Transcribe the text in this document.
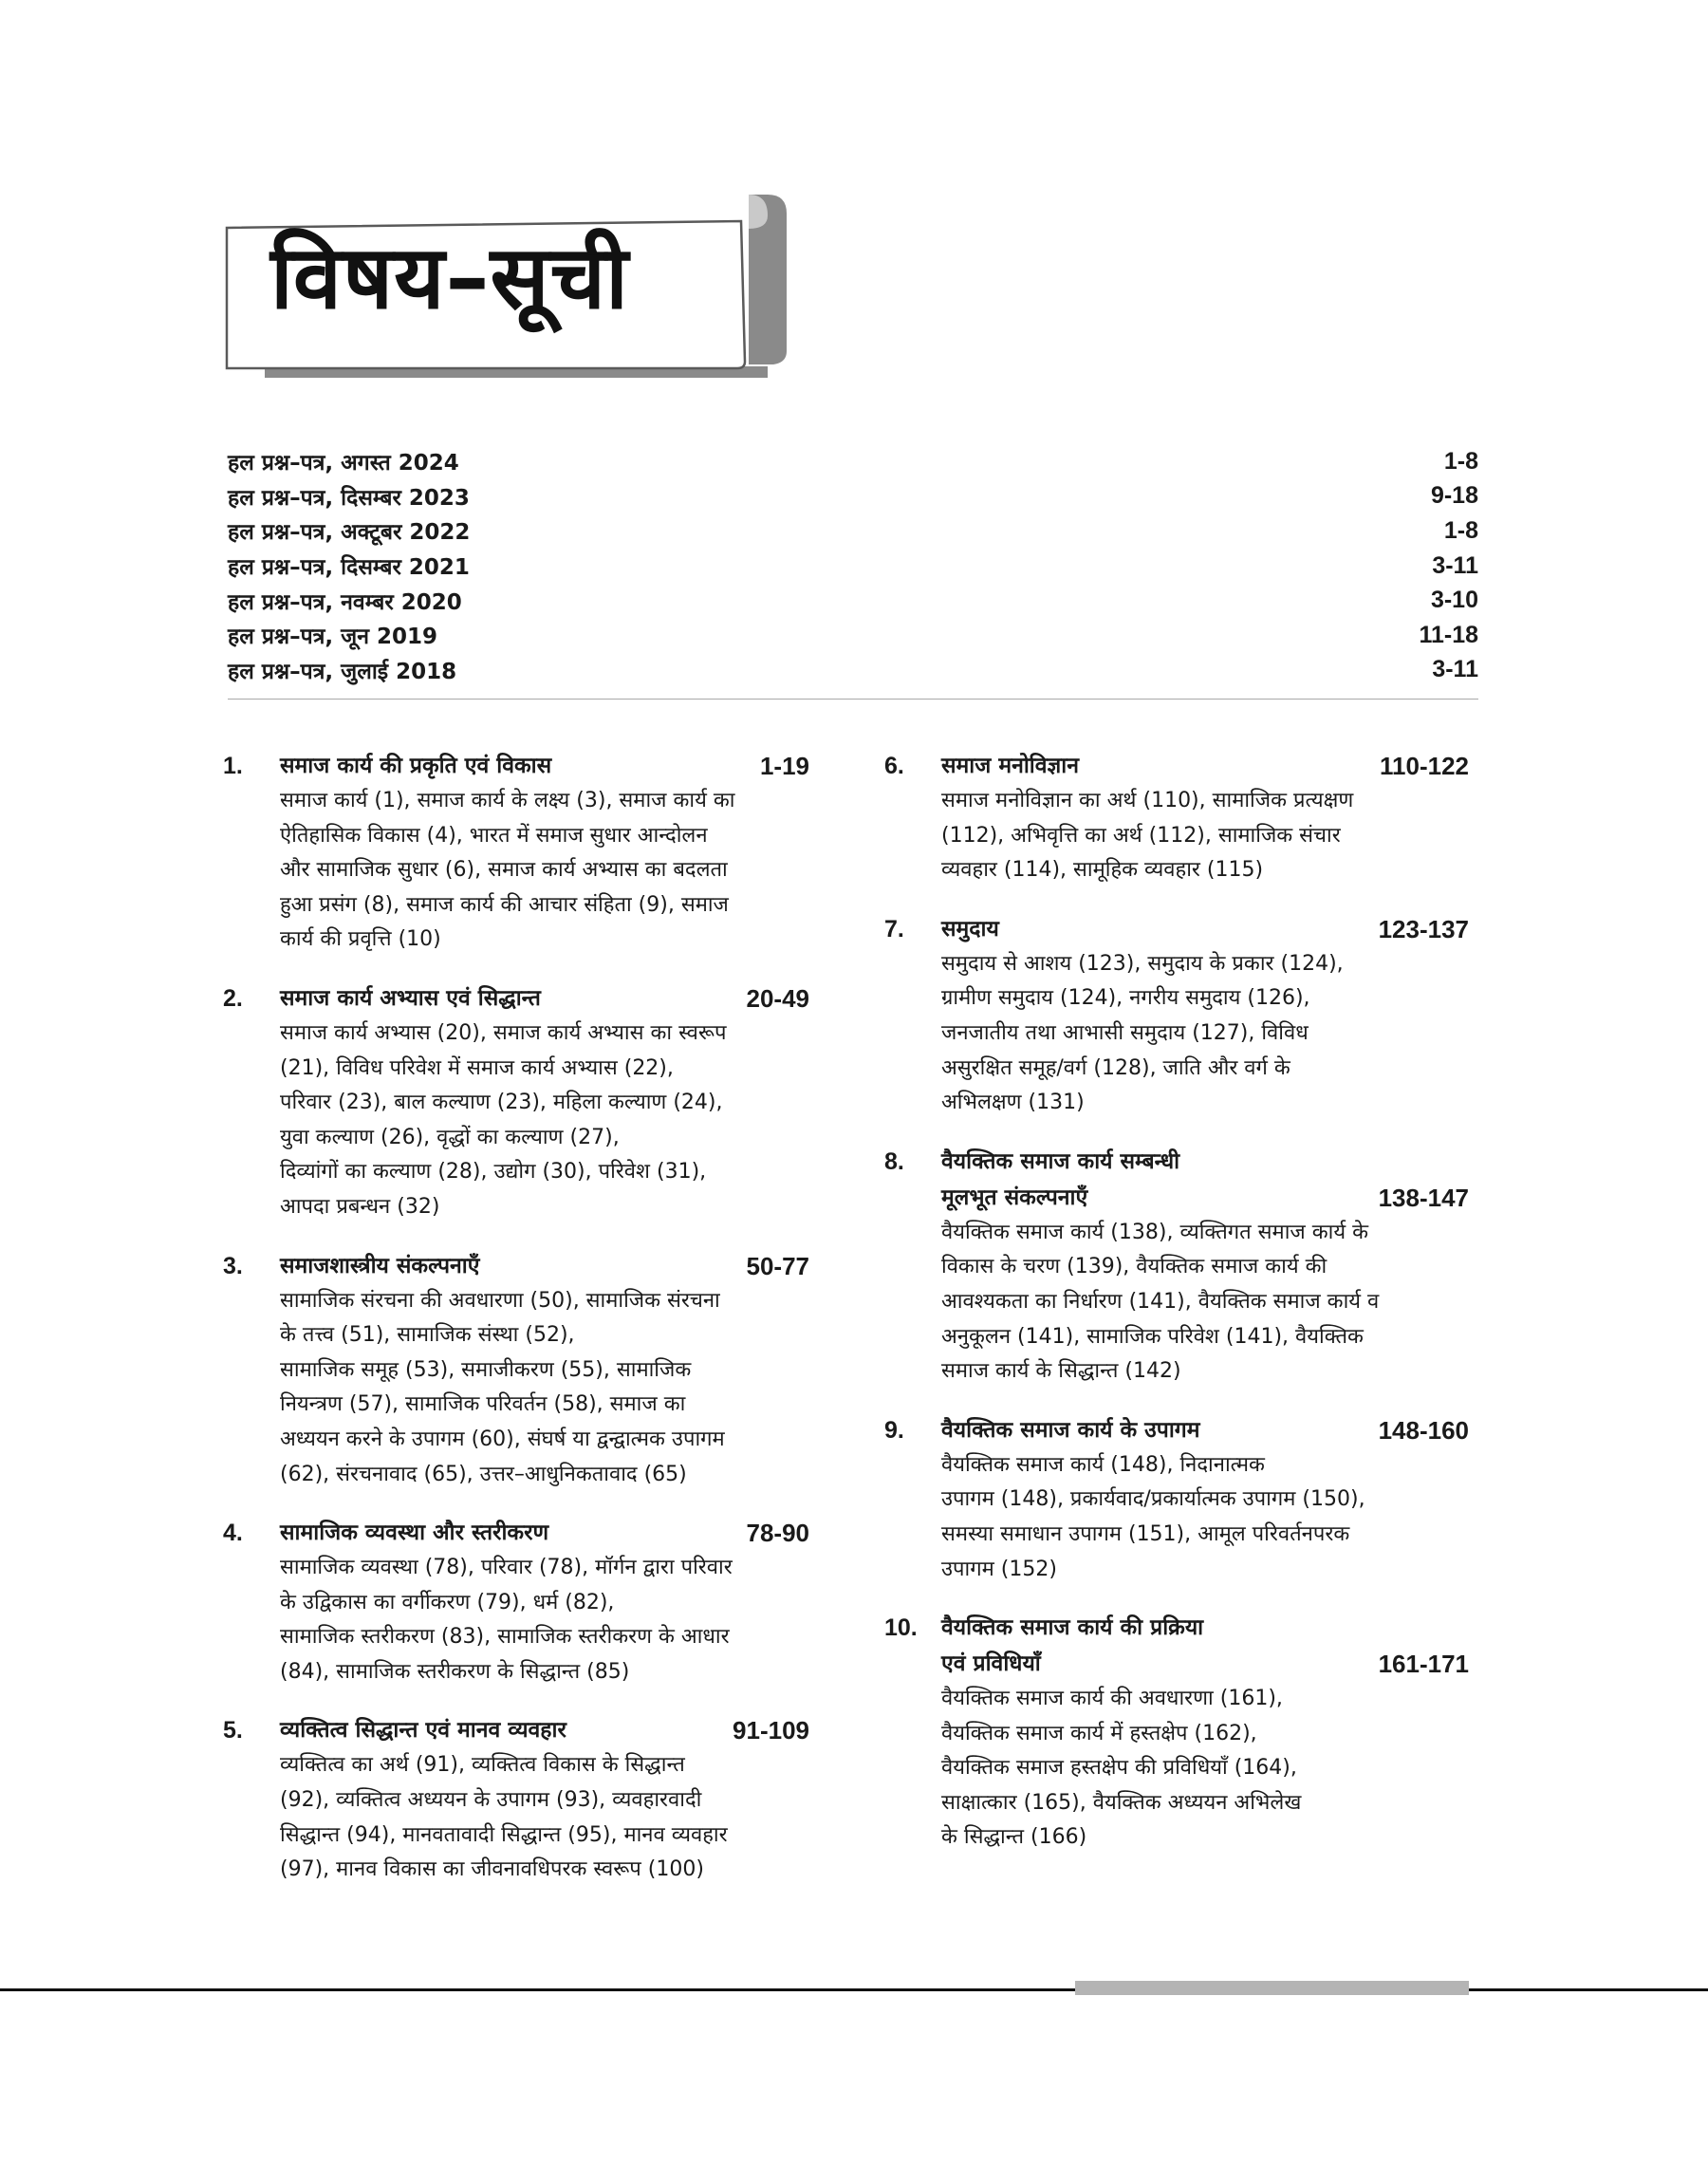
विषय–सूची
हल प्रश्न–पत्र, अगस्त 2024	1-8
हल प्रश्न–पत्र, दिसम्बर 2023	9-18
हल प्रश्न–पत्र, अक्टूबर 2022	1-8
हल प्रश्न–पत्र, दिसम्बर 2021	3-11
हल प्रश्न–पत्र, नवम्बर 2020	3-10
हल प्रश्न–पत्र, जून 2019	11-18
हल प्रश्न–पत्र, जुलाई 2018	3-11
1. समाज कार्य की प्रकृति एवं विकास	1-19
समाज कार्य (1), समाज कार्य के लक्ष्य (3), समाज कार्य का
ऐतिहासिक विकास (4), भारत में समाज सुधार आन्दोलन
और सामाजिक सुधार (6), समाज कार्य अभ्यास का बदलता
हुआ प्रसंग (8), समाज कार्य की आचार संहिता (9), समाज
कार्य की प्रवृत्ति (10)
2. समाज कार्य अभ्यास एवं सिद्धान्त	20-49
समाज कार्य अभ्यास (20), समाज कार्य अभ्यास का स्वरूप
(21), विविध परिवेश में समाज कार्य अभ्यास (22),
परिवार (23), बाल कल्याण (23), महिला कल्याण (24),
युवा कल्याण (26), वृद्धों का कल्याण (27),
दिव्यांगों का कल्याण (28), उद्योग (30), परिवेश (31),
आपदा प्रबन्धन (32)
3. समाजशास्त्रीय संकल्पनाएँ	50-77
सामाजिक संरचना की अवधारणा (50), सामाजिक संरचना
के तत्त्व (51), सामाजिक संस्था (52),
सामाजिक समूह (53), समाजीकरण (55), सामाजिक
नियन्त्रण (57), सामाजिक परिवर्तन (58), समाज का
अध्ययन करने के उपागम (60), संघर्ष या द्वन्द्वात्मक उपागम
(62), संरचनावाद (65), उत्तर–आधुनिकतावाद (65)
4. सामाजिक व्यवस्था और स्तरीकरण	78-90
सामाजिक व्यवस्था (78), परिवार (78), मॉर्गन द्वारा परिवार
के उद्विकास का वर्गीकरण (79), धर्म (82),
सामाजिक स्तरीकरण (83), सामाजिक स्तरीकरण के आधार
(84), सामाजिक स्तरीकरण के सिद्धान्त (85)
5. व्यक्तित्व सिद्धान्त एवं मानव व्यवहार	91-109
व्यक्तित्व का अर्थ (91), व्यक्तित्व विकास के सिद्धान्त
(92), व्यक्तित्व अध्ययन के उपागम (93), व्यवहारवादी
सिद्धान्त (94), मानवतावादी सिद्धान्त (95), मानव व्यवहार
(97), मानव विकास का जीवनावधिपरक स्वरूप (100)
6. समाज मनोविज्ञान	110-122
समाज मनोविज्ञान का अर्थ (110), सामाजिक प्रत्यक्षण
(112), अभिवृत्ति का अर्थ (112), सामाजिक संचार
व्यवहार (114), सामूहिक व्यवहार (115)
7. समुदाय	123-137
समुदाय से आशय (123), समुदाय के प्रकार (124),
ग्रामीण समुदाय (124), नगरीय समुदाय (126),
जनजातीय तथा आभासी समुदाय (127), विविध
असुरक्षित समूह/वर्ग (128), जाति और वर्ग के
अभिलक्षण (131)
8. वैयक्तिक समाज कार्य सम्बन्धी
मूलभूत संकल्पनाएँ	138-147
वैयक्तिक समाज कार्य (138), व्यक्तिगत समाज कार्य के
विकास के चरण (139), वैयक्तिक समाज कार्य की
आवश्यकता का निर्धारण (141), वैयक्तिक समाज कार्य व
अनुकूलन (141), सामाजिक परिवेश (141), वैयक्तिक
समाज कार्य के सिद्धान्त (142)
9. वैयक्तिक समाज कार्य के उपागम	148-160
वैयक्तिक समाज कार्य (148), निदानात्मक
उपागम (148), प्रकार्यवाद/प्रकार्यात्मक उपागम (150),
समस्या समाधान उपागम (151), आमूल परिवर्तनपरक
उपागम (152)
10. वैयक्तिक समाज कार्य की प्रक्रिया
एवं प्रविधियाँ	161-171
वैयक्तिक समाज कार्य की अवधारणा (161),
वैयक्तिक समाज कार्य में हस्तक्षेप (162),
वैयक्तिक समाज हस्तक्षेप की प्रविधियाँ (164),
साक्षात्कार (165), वैयक्तिक अध्ययन अभिलेख
के सिद्धान्त (166)
